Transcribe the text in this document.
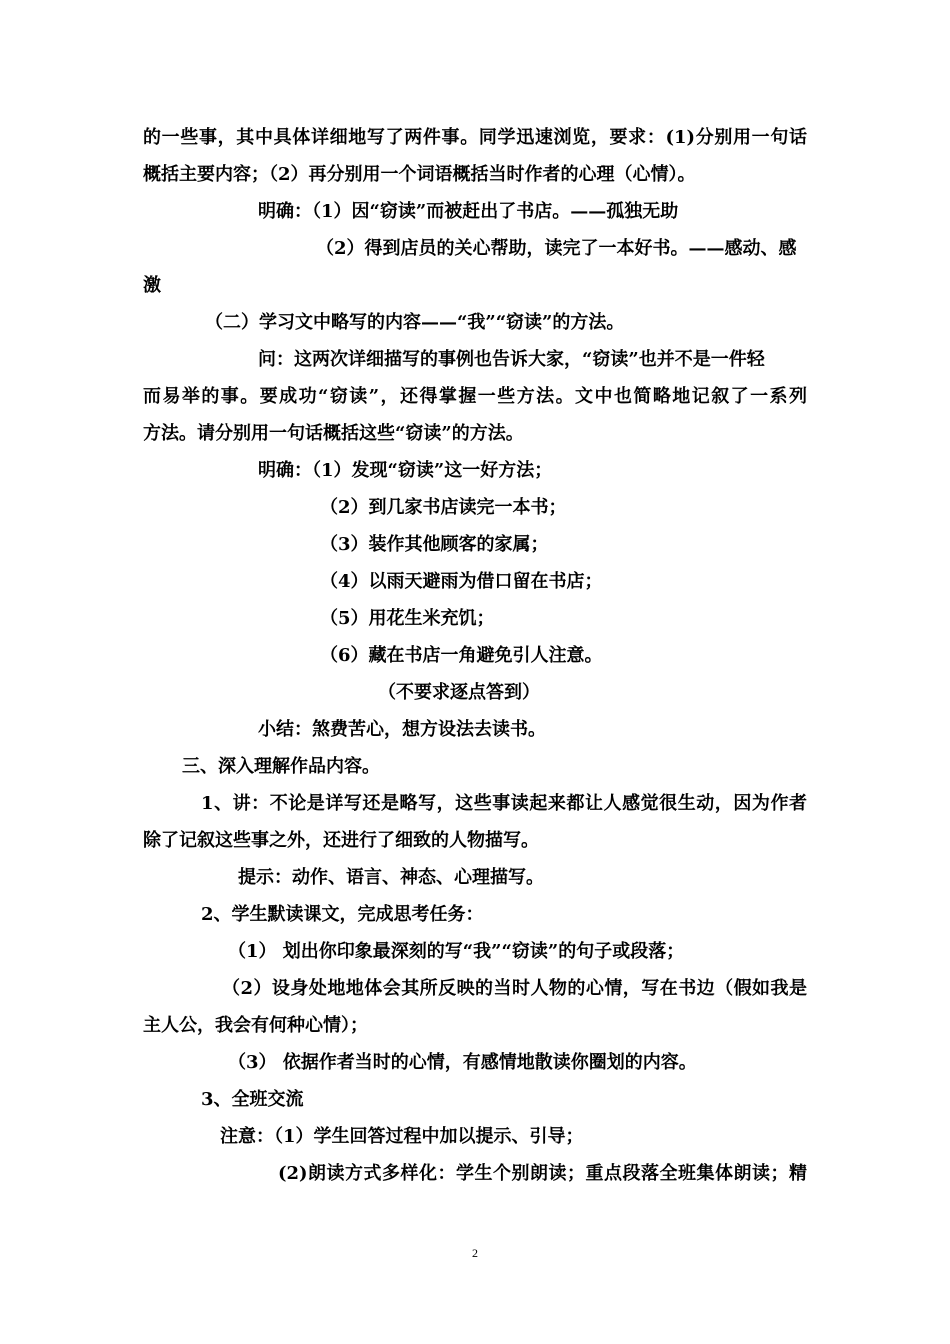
的一些事，其中具体详细地写了两件事。同学迅速浏览，要求：(1)分别用一句话
概括主要内容；（2）再分别用一个词语概括当时作者的心理（心情）。
明确：（1）因“窃读”而被赶出了书店。——孤独无助
（2）得到店员的关心帮助，读完了一本好书。——感动、感
激
（二）学习文中略写的内容——“我”“窃读”的方法。
问：这两次详细描写的事例也告诉大家，“窃读”也并不是一件轻
而易举的事。要成功“窃读”，还得掌握一些方法。文中也简略地记叙了一系列
方法。请分别用一句话概括这些“窃读”的方法。
明确：（1）发现“窃读”这一好方法；
（2）到几家书店读完一本书；
（3）装作其他顾客的家属；
（4）以雨天避雨为借口留在书店；
（5）用花生米充饥；
（6）藏在书店一角避免引人注意。
（不要求逐点答到）
小结：煞费苦心，想方设法去读书。
三、深入理解作品内容。
1、讲：不论是详写还是略写，这些事读起来都让人感觉很生动，因为作者
除了记叙这些事之外，还进行了细致的人物描写。
提示：动作、语言、神态、心理描写。
2、学生默读课文，完成思考任务：
（1） 划出你印象最深刻的写“我”“窃读”的句子或段落；
（2）设身处地地体会其所反映的当时人物的心情，写在书边（假如我是
主人公，我会有何种心情）；
（3） 依据作者当时的心情，有感情地散读你圈划的内容。
3、全班交流
注意：（1）学生回答过程中加以提示、引导；
(2)朗读方式多样化：学生个别朗读；重点段落全班集体朗读；精
2
